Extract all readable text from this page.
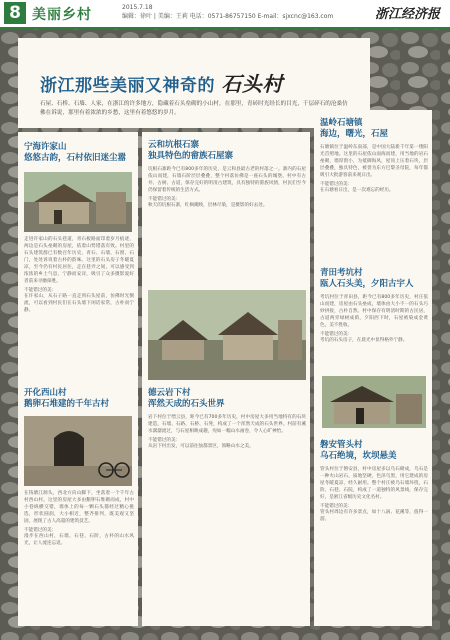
8 美丽乡村	2015.7.18
编辑：徐叶 | 美编：王莉 电话：0571-86757150 E-mail：sjxcnc@163.com	浙江经济报
浙江那些美丽又神奇的 石头村
石屋、石桥、石墙、人家，在浙江的许多地方，隐藏着石头垒砌的小山村。在那里，青砖时光经长的目光，千层碎石的沧桑仿佛在诉说，那里有着浓浓的乡愁，这里有着悠悠的岁月。
宁海许家山
悠悠古韵，石村依旧迷尘嚣
走进许家山的石头巷道，青石板路面印着岁月痕迹，两边是石头垒砌的房屋，依着山势错落有致。村里的石头建筑群已有数百年历史，青石、石墙、石窗、石门，处处诉说着古朴的韵味。这里的石头房子冬暖夏凉，至今仍有村民居住，走在巷弄之间，可以感受到浓浓的乡土气息，宁静而安详，吸引了众多摄影爱好者前来寻幽探胜。
不能错过的美：
在许家山，从石子路一直走到石头屋前，仿佛时光倒流，可以看到村民们在石头墙下闲话家常，古朴而宁静。
开化西山村
鹅卵石堆建的千年古村
在钱塘江源头，西北方向山脚下，坐落着一个千年古村西山村。这里的房屋大多由鹅卵石堆砌而成，村中小巷纵横交错，墙体上的每一颗石头都经过精心挑选，形状圆润，大小相近，整齐排列，既美观又坚固，展现了古人高超的建筑技艺。
不能错过的美：
漫步在西山村，石墙、石巷、石阶，古朴的山水风光，让人流连忘返。
云和坑根石寨
独具特色的畲族石屋寨
坑根石寨距今已有800多年的历史，是云和县最古老的村落之一。寨内的石屋依山而建，石墙石阶层层叠叠，整个村落仿佛是一座石头的城堡。村中有古井、古树、古道，保存完好的明清古建筑，具有独特的畲族风情，村民们至今仍保留着传统的生活方式。
不能错过的美：
秋天的坑根石寨，红枫掩映，层林尽染，是摄影的好去处。
德云岩下村
浑然天成的石头世界
岩下村位于缙云县，距今已有700多年历史，村中房屋大多用当地特有的石块建造，石墙、石路、石桥、石凳，构成了一个浑然天成的石头世界。村前有溪水潺潺流过，与石屋相映成趣，宛如一幅山水画卷，令人心旷神怡。
不能错过的美：
从岩下村出发，可以前往仙都景区，领略山水之美。
温岭石塘镇
海边，曙光，石屋
石塘镇位于温岭东南部，是中国大陆新千年第一缕阳光首照地。这里的石屋依山面海而建，用当地的岩石垒砌，墙厚窗小，为抵御海风，屋顶上压着石块，层层叠叠，独具特色，被誉为东方巴黎圣母院，每年都吸引大批游客前来观日出。
不能错过的美：
在石塘看日出，是一次难忘的经历。
青田考坑村
瓯人石头美，夕阳古宇人
考坑村位于青田县，距今已有800多年历史，村庄依山而建，房屋由石头垒成，墙体由大小不一的石头巧妙拼接，古朴自然。村中保存有明清时期的古民居，古道两旁绿树成荫，夕阳西下时，石屋被染成金黄色，美不胜收。
不能错过的美：
考坑的石头房子，在晨光中显得格外宁静。
磐安管头村
乌石绝境，坎坝悬美
管头村位于磐安县，村中房屋多以乌石砌成，乌石是一种火山岩石，质地坚硬，色泽乌黑，用它建成的房屋冬暖夏凉，经久耐用。整个村庄被乌石墙环绕，石阶、石巷、石院，构成了一道独特的风景线，保存完好，是浙江省级历史文化名村。
不能错过的美：
管头村周边有许多景点，如十八涡、花溪等，值得一游。
